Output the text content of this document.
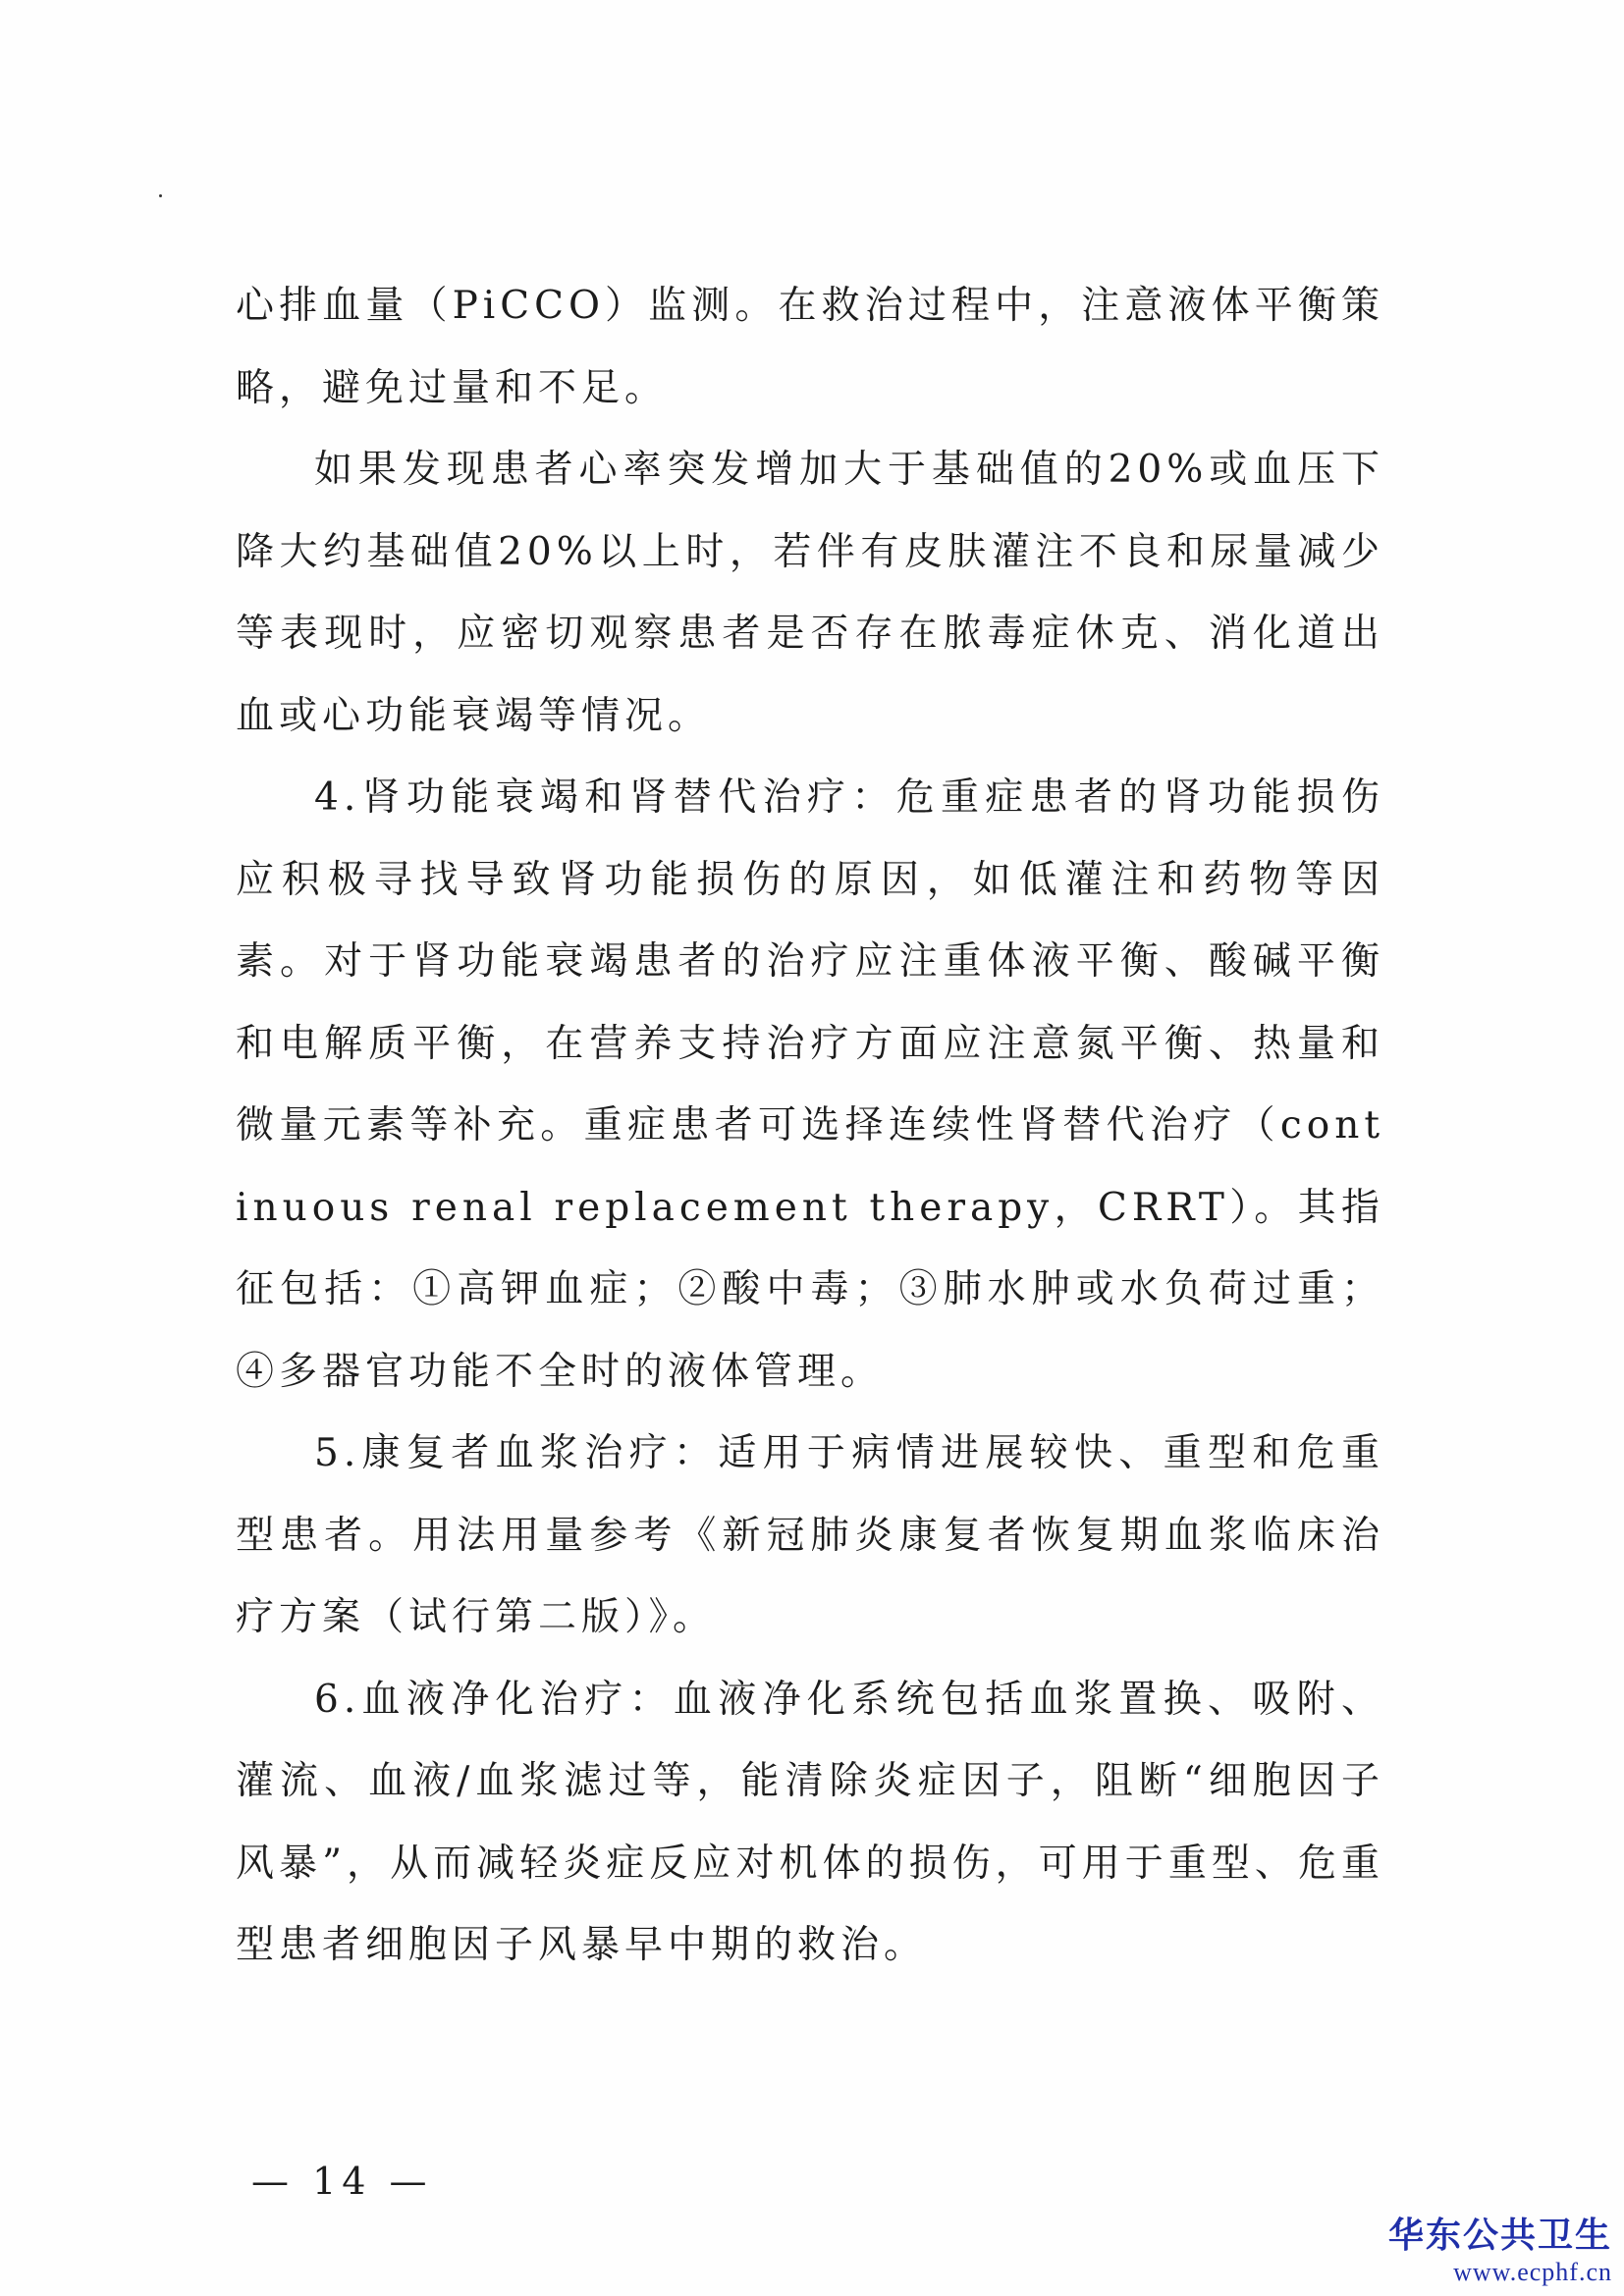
心排血量（PiCCO）监测。在救治过程中，注意液体平衡策略，避免过量和不足。

如果发现患者心率突发增加大于基础值的20%或血压下降大约基础值20%以上时，若伴有皮肤灌注不良和尿量减少等表现时，应密切观察患者是否存在脓毒症休克、消化道出血或心功能衰竭等情况。

4.肾功能衰竭和肾替代治疗：危重症患者的肾功能损伤应积极寻找导致肾功能损伤的原因，如低灌注和药物等因素。对于肾功能衰竭患者的治疗应注重体液平衡、酸碱平衡和电解质平衡，在营养支持治疗方面应注意氮平衡、热量和微量元素等补充。重症患者可选择连续性肾替代治疗（continuous renal replacement therapy，CRRT）。其指征包括：①高钾血症；②酸中毒；③肺水肿或水负荷过重；④多器官功能不全时的液体管理。

5.康复者血浆治疗：适用于病情进展较快、重型和危重型患者。用法用量参考《新冠肺炎康复者恢复期血浆临床治疗方案（试行第二版）》。

6.血液净化治疗：血液净化系统包括血浆置换、吸附、灌流、血液/血浆滤过等，能清除炎症因子，阻断“细胞因子风暴”，从而减轻炎症反应对机体的损伤，可用于重型、危重型患者细胞因子风暴早中期的救治。

— 14 —
华东公共卫生
www.ecphf.cn
